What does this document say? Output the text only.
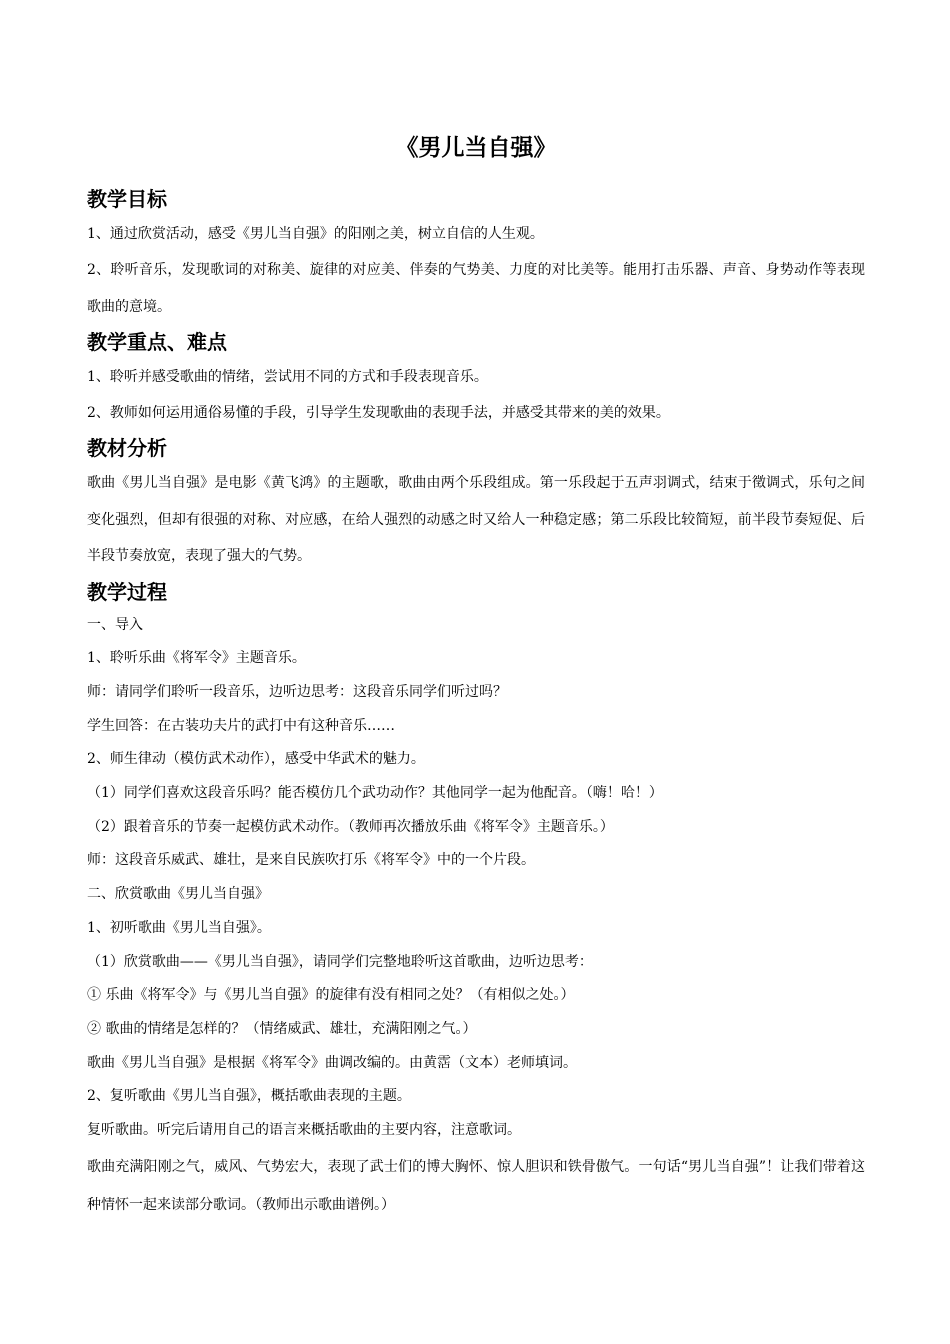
《男儿当自强》
教学目标

1、通过欣赏活动，感受《男儿当自强》的阳刚之美，树立自信的人生观。

2、聆听音乐，发现歌词的对称美、旋律的对应美、伴奏的气势美、力度的对比美等。能用打击乐器、声音、身势动作等表现歌曲的意境。

教学重点、难点

1、聆听并感受歌曲的情绪，尝试用不同的方式和手段表现音乐。

2、教师如何运用通俗易懂的手段，引导学生发现歌曲的表现手法，并感受其带来的美的效果。

教材分析

歌曲《男儿当自强》是电影《黄飞鸿》的主题歌，歌曲由两个乐段组成。第一乐段起于五声羽调式，结束于徵调式，乐句之间变化强烈，但却有很强的对称、对应感，在给人强烈的动感之时又给人一种稳定感；第二乐段比较简短，前半段节奏短促、后半段节奏放宽，表现了强大的气势。

教学过程

一、导入

1、聆听乐曲《将军令》主题音乐。

师：请同学们聆听一段音乐，边听边思考：这段音乐同学们听过吗？

学生回答：在古装功夫片的武打中有这种音乐……

2、师生律动（模仿武术动作），感受中华武术的魅力。

（1）同学们喜欢这段音乐吗？能否模仿几个武功动作？其他同学一起为他配音。（嗨！哈！）

（2）跟着音乐的节奏一起模仿武术动作。（教师再次播放乐曲《将军令》主题音乐。）

师：这段音乐威武、雄壮，是来自民族吹打乐《将军令》中的一个片段。

二、欣赏歌曲《男儿当自强》

1、初听歌曲《男儿当自强》。

（1）欣赏歌曲——《男儿当自强》，请同学们完整地聆听这首歌曲，边听边思考：

① 乐曲《将军令》与《男儿当自强》的旋律有没有相同之处？（有相似之处。）

② 歌曲的情绪是怎样的？（情绪威武、雄壮，充满阳刚之气。）

歌曲《男儿当自强》是根据《将军令》曲调改编的。由黄霑（文本）老师填词。

2、复听歌曲《男儿当自强》，概括歌曲表现的主题。

复听歌曲。听完后请用自己的语言来概括歌曲的主要内容，注意歌词。

歌曲充满阳刚之气，威风、气势宏大，表现了武士们的博大胸怀、惊人胆识和铁骨傲气。一句话“男儿当自强”！让我们带着这种情怀一起来读部分歌词。（教师出示歌曲谱例。）
